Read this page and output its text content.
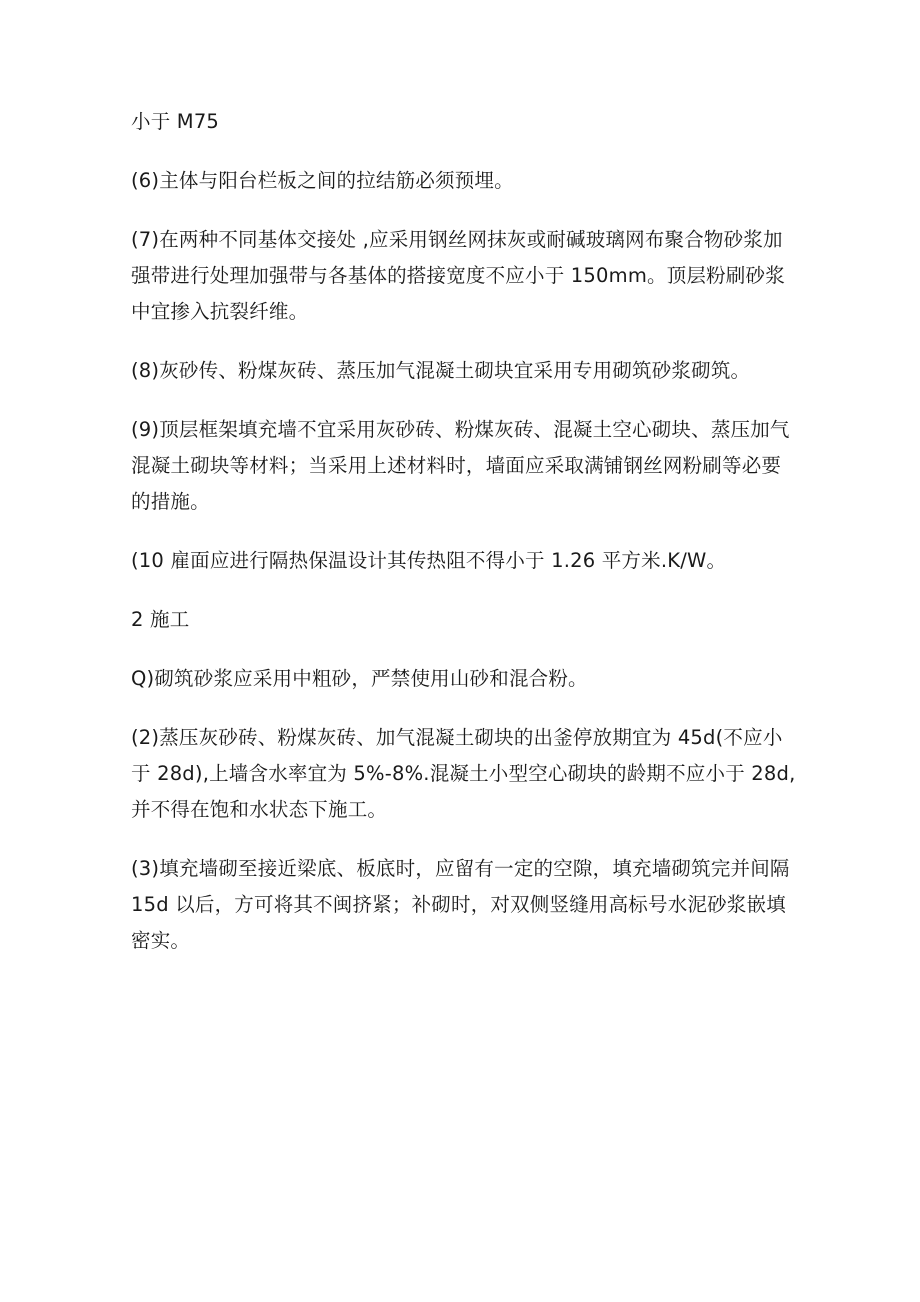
小于 M75

(6)主体与阳台栏板之间的拉结筋必须预埋。

(7)在两种不同基体交接处 ,应采用钢丝网抹灰或耐碱玻璃网布聚合物砂浆加
强带进行处理加强带与各基体的搭接宽度不应小于 150mm。顶层粉刷砂浆
中宜掺入抗裂纤维。

(8)灰砂传、粉煤灰砖、蒸压加气混凝土砌块宜采用专用砌筑砂浆砌筑。

(9)顶层框架填充墙不宜采用灰砂砖、粉煤灰砖、混凝土空心砌块、蒸压加气
混凝土砌块等材料；当采用上述材料时，墙面应采取满铺钢丝网粉刷等必要
的措施。

(10 雇面应进行隔热保温设计其传热阻不得小于 1.26 平方米.K/W。

2 施工

Q)砌筑砂浆应采用中粗砂，严禁使用山砂和混合粉。

(2)蒸压灰砂砖、粉煤灰砖、加气混凝土砌块的出釜停放期宜为 45d(不应小
于 28d),上墙含水率宜为 5%-8%.混凝土小型空心砌块的龄期不应小于 28d,
并不得在饱和水状态下施工。

(3)填充墙砌至接近梁底、板底时，应留有一定的空隙，填充墙砌筑完并间隔
15d 以后，方可将其不闽挤紧；补砌时，对双侧竖缝用高标号水泥砂浆嵌填
密实。
